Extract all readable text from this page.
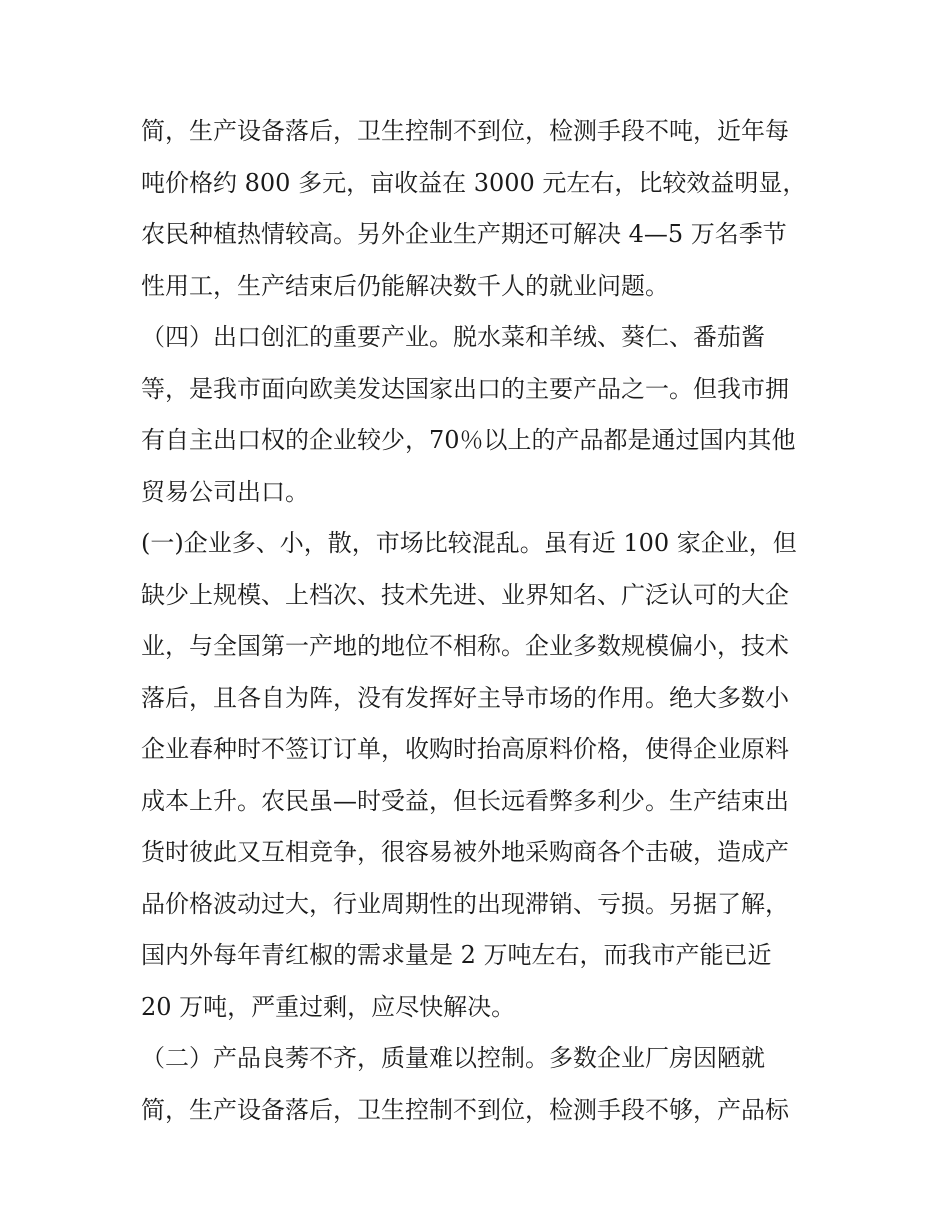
简，生产设备落后，卫生控制不到位，检测手段不吨，近年每
吨价格约 800 多元，亩收益在 3000 元左右，比较效益明显，
农民种植热情较高。另外企业生产期还可解决 4—5 万名季节
性用工，生产结束后仍能解决数千人的就业问题。
（四）出口创汇的重要产业。脱水菜和羊绒、葵仁、番茄酱
等，是我市面向欧美发达国家出口的主要产品之一。但我市拥
有自主出口权的企业较少，70％以上的产品都是通过国内其他
贸易公司出口。
(一)企业多、小，散，市场比较混乱。虽有近 100 家企业，但
缺少上规模、上档次、技术先进、业界知名、广泛认可的大企
业，与全国第一产地的地位不相称。企业多数规模偏小，技术
落后，且各自为阵，没有发挥好主导市场的作用。绝大多数小
企业春种时不签订订单，收购时抬高原料价格，使得企业原料
成本上升。农民虽—时受益，但长远看弊多利少。生产结束出
货时彼此又互相竞争，很容易被外地采购商各个击破，造成产
品价格波动过大，行业周期性的出现滞销、亏损。另据了解，
国内外每年青红椒的需求量是 2 万吨左右，而我市产能已近
20 万吨，严重过剩，应尽快解决。
（二）产品良莠不齐，质量难以控制。多数企业厂房因陋就
简，生产设备落后，卫生控制不到位，检测手段不够，产品标
